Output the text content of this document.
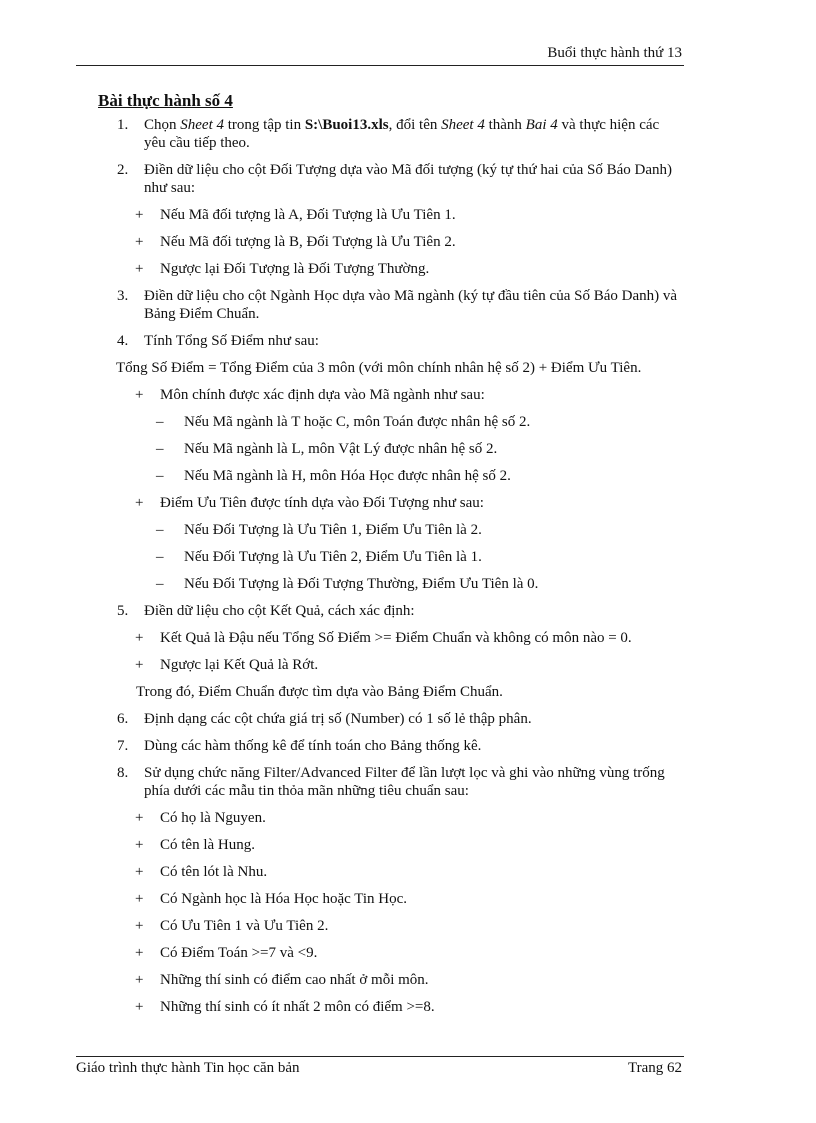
Buổi thực hành thứ 13
Bài thực hành số 4
1.	Chọn Sheet 4 trong tập tin S:\Buoi13.xls, đổi tên Sheet 4 thành Bai 4 và thực hiện các yêu cầu tiếp theo.
2.	Điền dữ liệu cho cột Đối Tượng dựa vào Mã đối tượng (ký tự thứ hai của Số Báo Danh) như sau:
+	Nếu Mã đối tượng là A, Đối Tượng là Ưu Tiên 1.
+	Nếu Mã đối tượng là B, Đối Tượng là Ưu Tiên 2.
+	Ngược lại Đối Tượng là Đối Tượng Thường.
3.	Điền dữ liệu cho cột Ngành Học dựa vào Mã ngành (ký tự đầu tiên của Số Báo Danh) và Bảng Điểm Chuẩn.
4.	Tính Tổng Số Điểm như sau:
Tổng Số Điểm = Tổng Điểm của 3 môn (với môn chính nhân hệ số 2) + Điểm Ưu Tiên.
+	Môn chính được xác định dựa vào Mã ngành như sau:
–	Nếu Mã ngành là T hoặc C, môn Toán được nhân hệ số 2.
–	Nếu Mã ngành là L, môn Vật Lý được nhân hệ số 2.
–	Nếu Mã ngành là H, môn Hóa Học được nhân hệ số 2.
+	Điểm Ưu Tiên được tính dựa vào Đối Tượng như sau:
–	Nếu Đối Tượng là Ưu Tiên 1, Điểm Ưu Tiên là 2.
–	Nếu Đối Tượng là Ưu Tiên 2, Điểm Ưu Tiên là 1.
–	Nếu Đối Tượng là Đối Tượng Thường, Điểm Ưu Tiên là 0.
5.	Điền dữ liệu cho cột Kết Quả, cách xác định:
+	Kết Quả là Đậu nếu Tổng Số Điểm >= Điểm Chuẩn và không có môn nào = 0.
+	Ngược lại Kết Quả là Rớt.
Trong đó, Điểm Chuẩn được tìm dựa vào Bảng Điểm Chuẩn.
6.	Định dạng các cột chứa giá trị số (Number) có 1 số lẻ thập phân.
7.	Dùng các hàm thống kê để tính toán cho Bảng thống kê.
8.	Sử dụng chức năng Filter/Advanced Filter để lần lượt lọc và ghi vào những vùng trống phía dưới các mẫu tin thỏa mãn những tiêu chuẩn sau:
+	Có họ là Nguyen.
+	Có tên là Hung.
+	Có tên lót là Nhu.
+	Có Ngành học là Hóa Học hoặc Tin Học.
+	Có Ưu Tiên 1 và Ưu Tiên 2.
+	Có Điểm Toán >=7 và <9.
+	Những thí sinh có điểm cao nhất ở mỗi môn.
+	Những thí sinh có ít nhất 2 môn có điểm >=8.
Giáo trình thực hành Tin học căn bản	Trang 62
